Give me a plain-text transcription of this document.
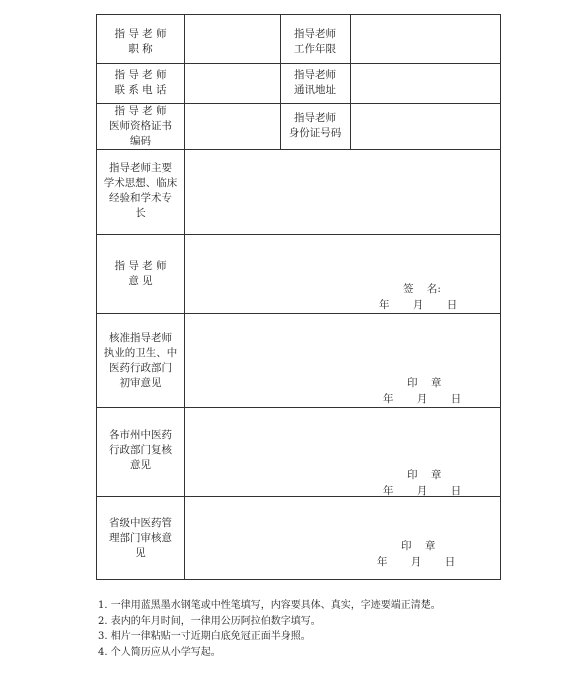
指 导 老 师
职 称
指导老师
工作年限
指 导 老 师
联 系 电 话
指导老师
通讯地址
指 导 老 师
医师资格证书
编码
指导老师
身份证号码
指导老师主要
学术思想、临床
经验和学术专
长
指 导 老 师
意 见
签    名:
年       月       日
核准指导老师
执业的卫生、中
医药行政部门
初审意见	印    章
年       月       日
各市州中医药
行政部门复核
意见
印    章
年       月       日
省级中医药管
理部门审核意
见
印    章
年       月       日
1. 一律用蓝黑墨水钢笔或中性笔填写，内容要具体、真实，字迹要端正清楚。
2. 表内的年月时间，一律用公历阿拉伯数字填写。
3. 相片一律粘贴一寸近期白底免冠正面半身照。
4. 个人简历应从小学写起。
